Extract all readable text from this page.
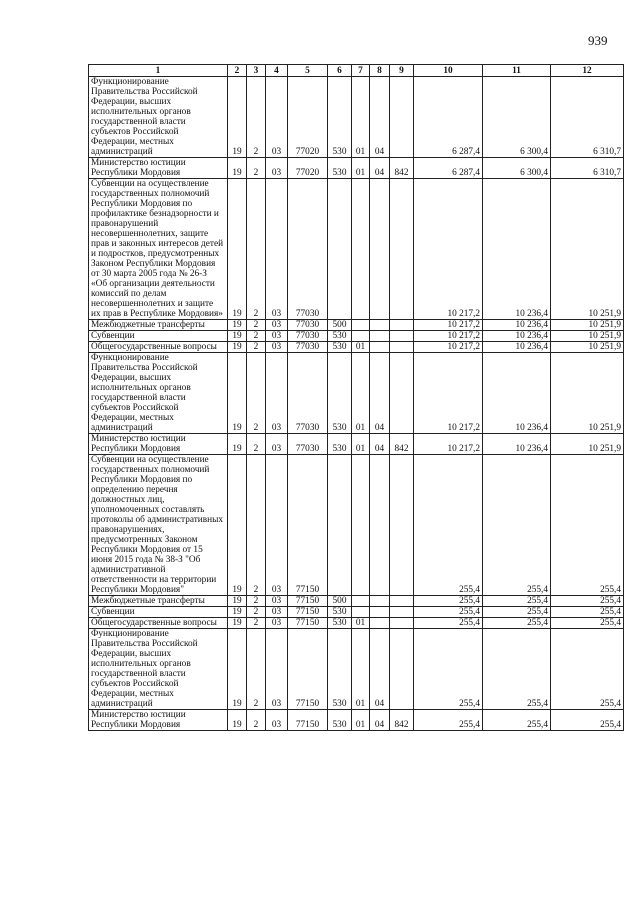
939
1	2	3	4	5	6	7	8	9	10	11	12
Функционирование Правительства Российской Федерации, высших исполнительных органов государственной власти субъектов Российской Федерации, местных администраций	19	2	03	77020	530	01	04		6 287,4	6 300,4	6 310,7
Министерство юстиции Республики Мордовия	19	2	03	77020	530	01	04	842	6 287,4	6 300,4	6 310,7
Субвенции на осуществление государственных полномочий Республики Мордовия по профилактике безнадзорности и правонарушений несовершеннолетних, защите прав и законных интересов детей и подростков, предусмотренных Законом Республики Мордовия от 30 марта 2005 года № 26-З «Об организации деятельности комиссий по делам несовершеннолетних и защите их прав в Республике Мордовия»	19	2	03	77030					10 217,2	10 236,4	10 251,9
Межбюджетные трансферты	19	2	03	77030	500				10 217,2	10 236,4	10 251,9
Субвенции	19	2	03	77030	530				10 217,2	10 236,4	10 251,9
Общегосударственные вопросы	19	2	03	77030	530	01			10 217,2	10 236,4	10 251,9
Функционирование Правительства Российской Федерации, высших исполнительных органов государственной власти субъектов Российской Федерации, местных администраций	19	2	03	77030	530	01	04		10 217,2	10 236,4	10 251,9
Министерство юстиции Республики Мордовия	19	2	03	77030	530	01	04	842	10 217,2	10 236,4	10 251,9
Субвенции на осуществление государственных полномочий Республики Мордовия по определению перечня должностных лиц, уполномоченных составлять протоколы об административных правонарушениях, предусмотренных Законом Республики Мордовия от 15 июня 2015 года № 38-З "Об административной ответственности на территории Республики Мордовия"	19	2	03	77150					255,4	255,4	255,4
Межбюджетные трансферты	19	2	03	77150	500				255,4	255,4	255,4
Субвенции	19	2	03	77150	530				255,4	255,4	255,4
Общегосударственные вопросы	19	2	03	77150	530	01			255,4	255,4	255,4
Функционирование Правительства Российской Федерации, высших исполнительных органов государственной власти субъектов Российской Федерации, местных администраций	19	2	03	77150	530	01	04		255,4	255,4	255,4
Министерство юстиции Республики Мордовия	19	2	03	77150	530	01	04	842	255,4	255,4	255,4
